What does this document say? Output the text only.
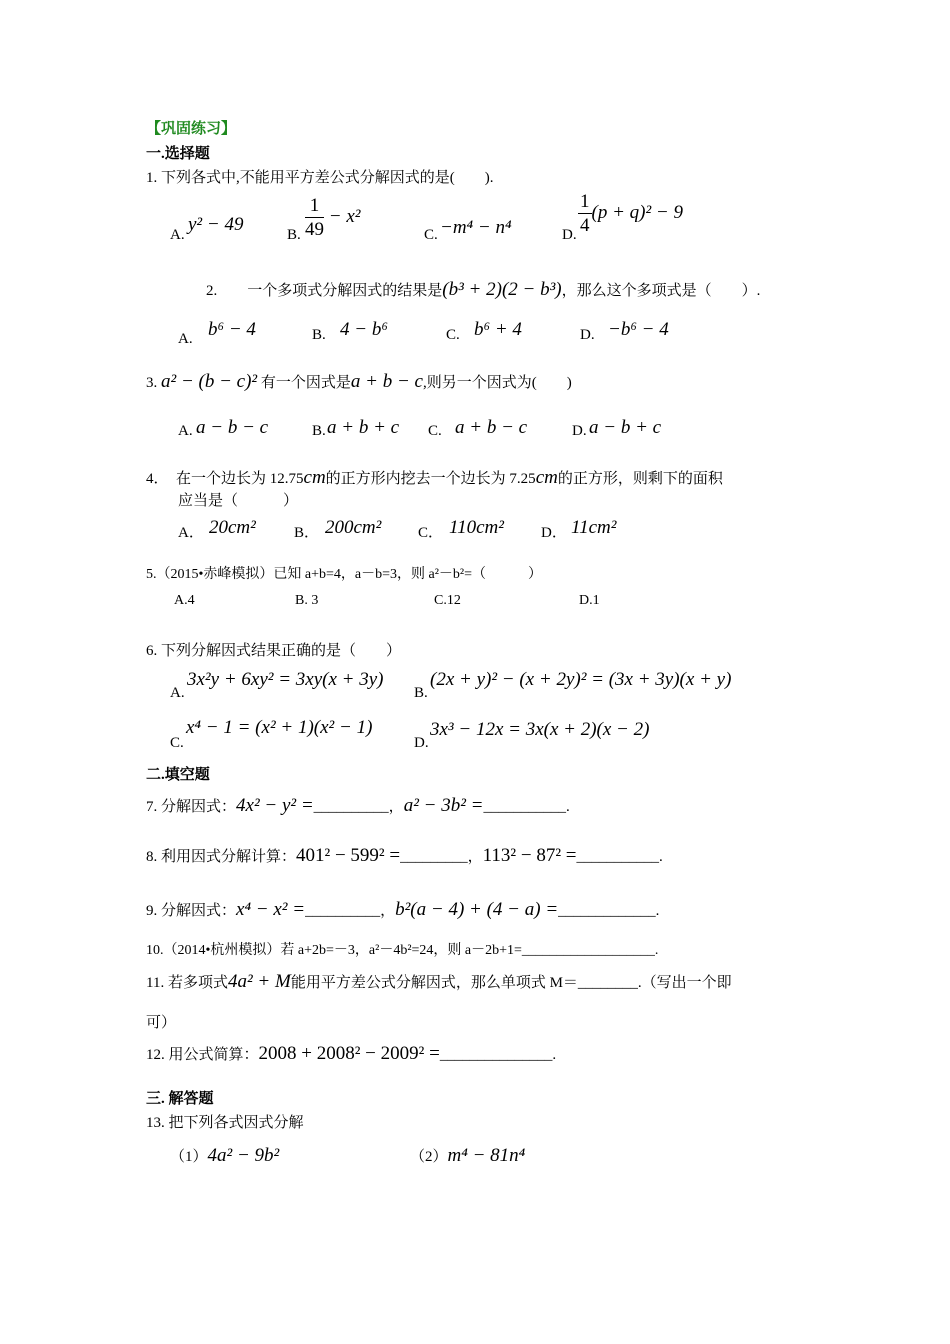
【巩固练习】
一.选择题
1. 下列各式中,不能用平方差公式分解因式的是(　　).
A. y² − 49	B. $\frac{1}{49} - x^2$
C. −m⁴ − n⁴	D. $\frac{1}{4} (p + q)^2 - 9$
2.　　一个多项式分解因式的结果是(b³ + 2)(2 − b³)，那么这个多项式是（　　）.
A. b⁶ − 4	B. 4 − b⁶	C. b⁶ + 4	D. −b⁶ − 4
3. a² − (b − c)² 有一个因式是a + b − c,则另一个因式为(　　)
A. a − b − c	B. a + b + c C. a + b − c	D. a − b + c
4．　在一个边长为 12.75cm的正方形内挖去一个边长为 7.25cm的正方形，则剩下的面积
应当是（　　　）
A． 20cm²	B． 200cm² C． 110cm² D． 11cm²
5.（2015•赤峰模拟）已知 a+b=4，a－b=3，则 a²－b²=（　　　）
A.4	B. 3	C.12	D.1
6. 下列分解因式结果正确的是（　　）
A.
3x²y + 6xy² = 3xy(x + 3y)
B.
(2x + y)² − (x + 2y)² = (3x + 3y)(x + y)
C.
x⁴ − 1 = (x² + 1)(x² − 1)
D.
3x³ − 12x = 3x(x + 2)(x − 2)
二.填空题
7. 分解因式：4x² − y² =__________，a² − 3b² =___________.
8. 利用因式分解计算：401² − 599² =_________，113² − 87² =___________.
9. 分解因式：x⁴ − x² =__________，b²(a − 4) + (4 − a) =_____________.
10.（2014•杭州模拟）若 a+2b=－3，a²－4b²=24，则 a－2b+1=___________________.
11. 若多项式4a² + M能用平方差公式分解因式，那么单项式 M＝________.（写出一个即
可）
12. 用公式简算：2008 + 2008² − 2009² =_______________.
三. 解答题
13. 把下列各式因式分解
（1）4a² − 9b²	（2）m⁴ − 81n⁴
